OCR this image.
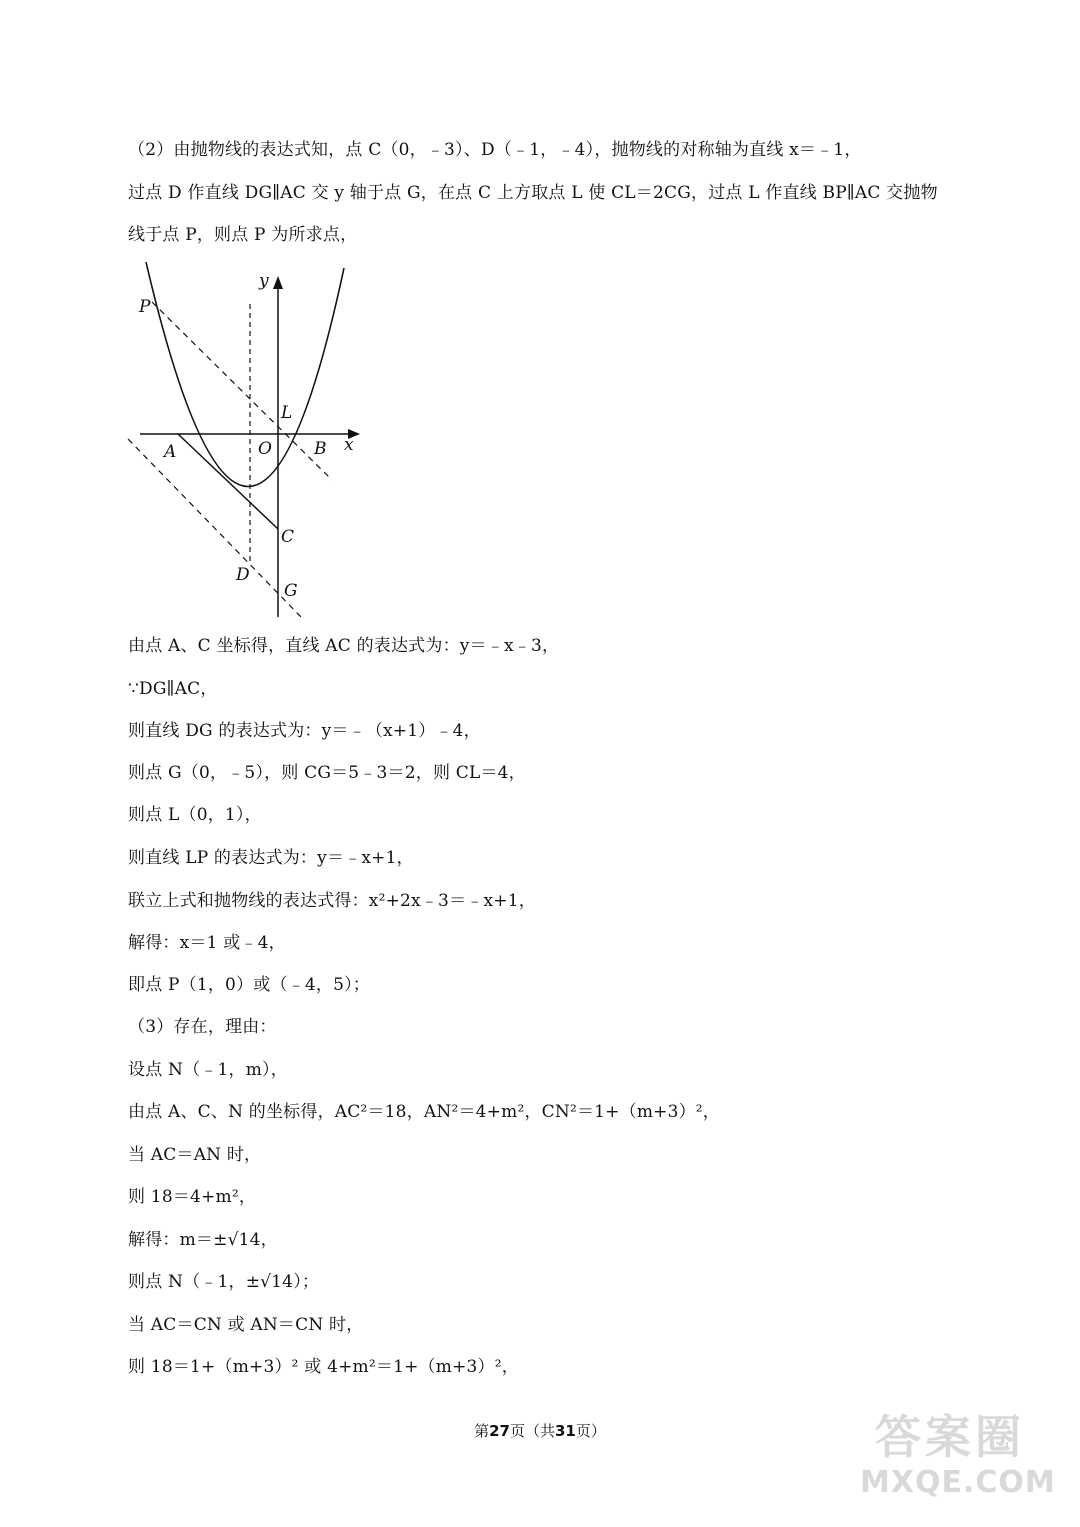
（2）由抛物线的表达式知，点 C（0，﹣3）、D（﹣1，﹣4），抛物线的对称轴为直线 x＝﹣1，
过点 D 作直线 DG∥AC 交 y 轴于点 G，在点 C 上方取点 L 使 CL＝2CG，过点 L 作直线 BP∥AC 交抛物
线于点 P，则点 P 为所求点，
y
x
P
L
A	O B
C
D
G
由点 A、C 坐标得，直线 AC 的表达式为：y＝﹣x﹣3，
∵DG∥AC，
则直线 DG 的表达式为：y＝﹣（x+1）﹣4，
则点 G（0，﹣5），则 CG＝5﹣3＝2，则 CL＝4，
则点 L（0，1），
则直线 LP 的表达式为：y＝﹣x+1，
联立上式和抛物线的表达式得：x²+2x﹣3＝﹣x+1，
解得：x＝1 或﹣4，
即点 P（1，0）或（﹣4，5）；
（3）存在，理由：
设点 N（﹣1，m），
由点 A、C、N 的坐标得，AC²＝18，AN²＝4+m²，CN²＝1+（m+3）²，
当 AC＝AN 时，
则 18＝4+m²，
解得：m＝±√14，
则点 N（﹣1，±√14）；
当 AC＝CN 或 AN＝CN 时，
则 18＝1+（m+3）² 或 4+m²＝1+（m+3）²，
第27页（共31页）	答案圈
MXQE.COM
